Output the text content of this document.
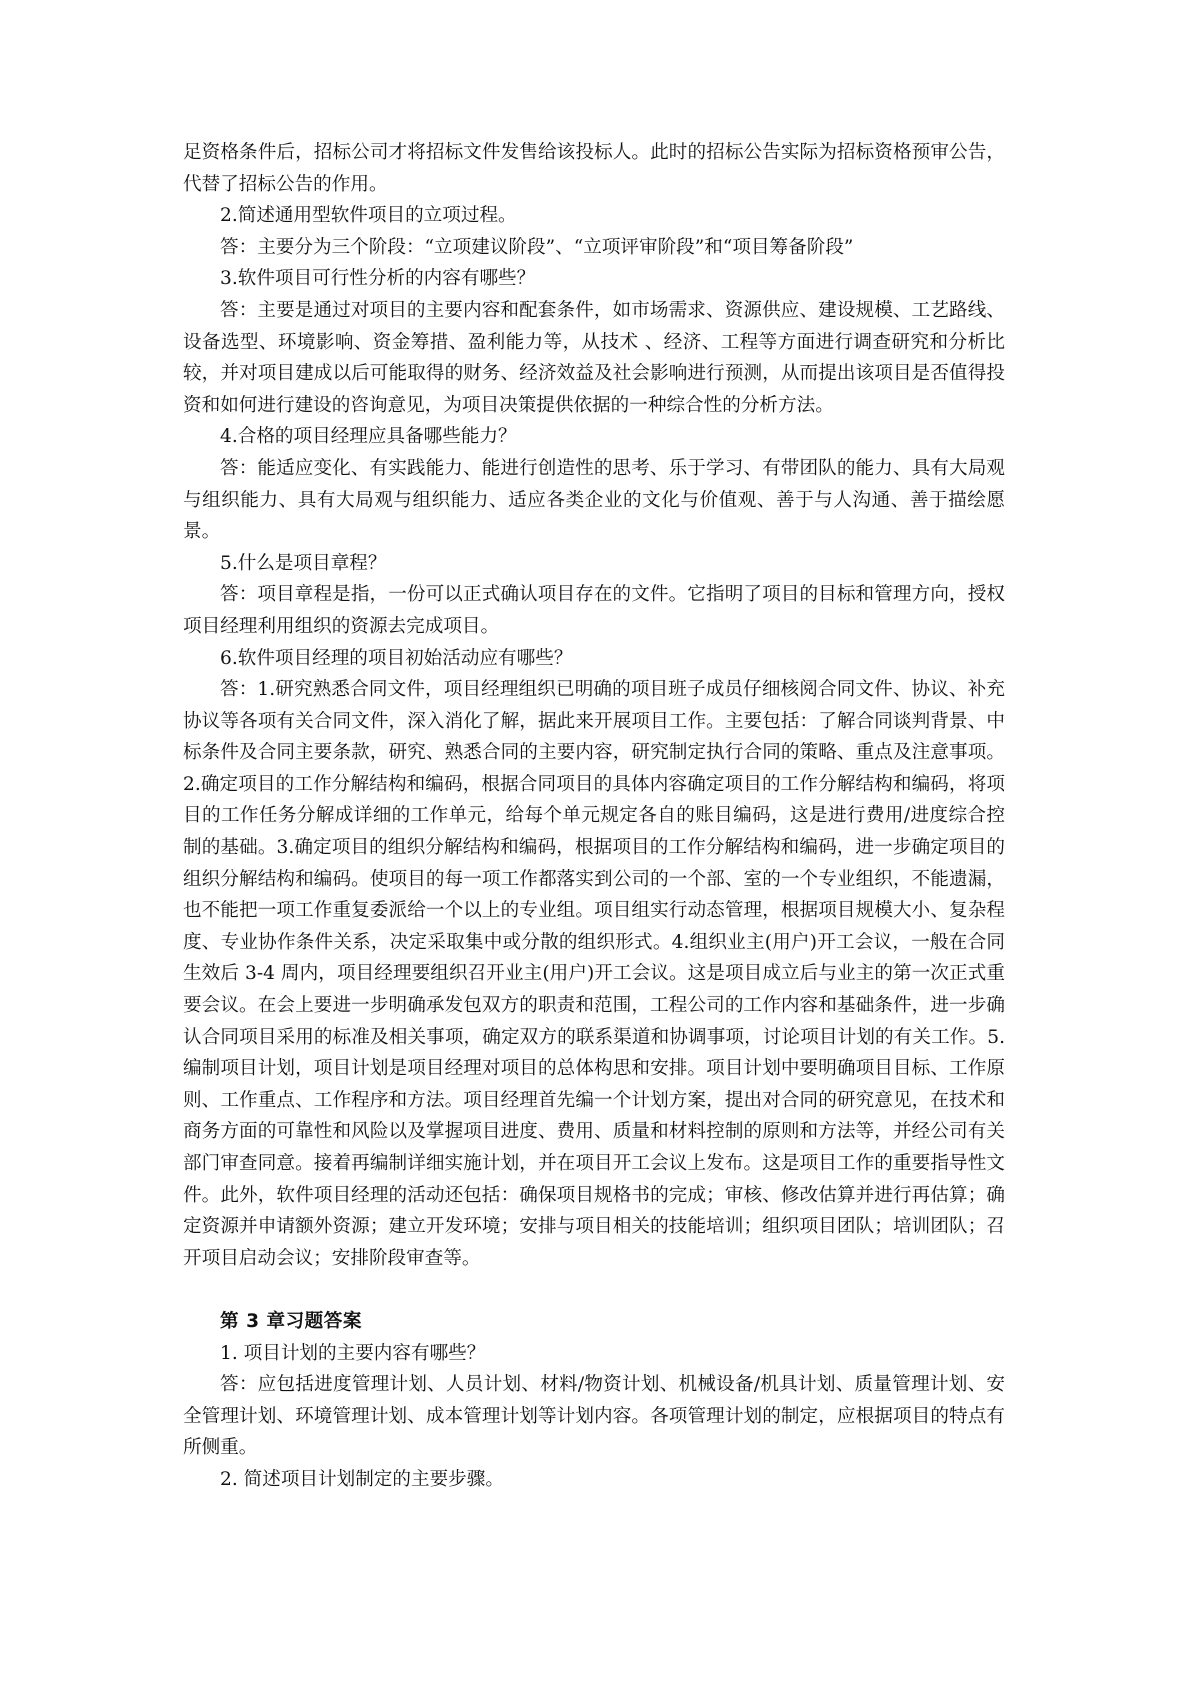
足资格条件后，招标公司才将招标文件发售给该投标人。此时的招标公告实际为招标资格预审公告，代替了招标公告的作用。

2.简述通用型软件项目的立项过程。

答：主要分为三个阶段：“立项建议阶段”、“立项评审阶段”和“项目筹备阶段”

3.软件项目可行性分析的内容有哪些？

答：主要是通过对项目的主要内容和配套条件，如市场需求、资源供应、建设规模、工艺路线、设备选型、环境影响、资金筹措、盈利能力等，从技术 、经济、工程等方面进行调查研究和分析比较，并对项目建成以后可能取得的财务、经济效益及社会影响进行预测，从而提出该项目是否值得投资和如何进行建设的咨询意见，为项目决策提供依据的一种综合性的分析方法。

4.合格的项目经理应具备哪些能力？

答：能适应变化、有实践能力、能进行创造性的思考、乐于学习、有带团队的能力、具有大局观与组织能力、具有大局观与组织能力、适应各类企业的文化与价值观、善于与人沟通、善于描绘愿景。

5.什么是项目章程？

答：项目章程是指，一份可以正式确认项目存在的文件。它指明了项目的目标和管理方向，授权项目经理利用组织的资源去完成项目。

6.软件项目经理的项目初始活动应有哪些？

答：1.研究熟悉合同文件，项目经理组织已明确的项目班子成员仔细核阅合同文件、协议、补充协议等各项有关合同文件，深入消化了解，据此来开展项目工作。主要包括：了解合同谈判背景、中标条件及合同主要条款，研究、熟悉合同的主要内容，研究制定执行合同的策略、重点及注意事项。2.确定项目的工作分解结构和编码，根据合同项目的具体内容确定项目的工作分解结构和编码，将项目的工作任务分解成详细的工作单元，给每个单元规定各自的账目编码，这是进行费用/进度综合控制的基础。3.确定项目的组织分解结构和编码，根据项目的工作分解结构和编码，进一步确定项目的组织分解结构和编码。使项目的每一项工作都落实到公司的一个部、室的一个专业组织，不能遗漏，也不能把一项工作重复委派给一个以上的专业组。项目组实行动态管理，根据项目规模大小、复杂程度、专业协作条件关系，决定采取集中或分散的组织形式。4.组织业主(用户)开工会议，一般在合同生效后 3-4 周内，项目经理要组织召开业主(用户)开工会议。这是项目成立后与业主的第一次正式重要会议。在会上要进一步明确承发包双方的职责和范围，工程公司的工作内容和基础条件，进一步确认合同项目采用的标准及相关事项，确定双方的联系渠道和协调事项，讨论项目计划的有关工作。5.编制项目计划，项目计划是项目经理对项目的总体构思和安排。项目计划中要明确项目目标、工作原则、工作重点、工作程序和方法。项目经理首先编一个计划方案，提出对合同的研究意见，在技术和商务方面的可靠性和风险以及掌握项目进度、费用、质量和材料控制的原则和方法等，并经公司有关部门审查同意。接着再编制详细实施计划，并在项目开工会议上发布。这是项目工作的重要指导性文件。此外，软件项目经理的活动还包括：确保项目规格书的完成；审核、修改估算并进行再估算；确定资源并申请额外资源；建立开发环境；安排与项目相关的技能培训；组织项目团队；培训团队；召开项目启动会议；安排阶段审查等。

第 3 章习题答案

1. 项目计划的主要内容有哪些？

答：应包括进度管理计划、人员计划、材料/物资计划、机械设备/机具计划、质量管理计划、安全管理计划、环境管理计划、成本管理计划等计划内容。各项管理计划的制定，应根据项目的特点有所侧重。

2. 简述项目计划制定的主要步骤。
